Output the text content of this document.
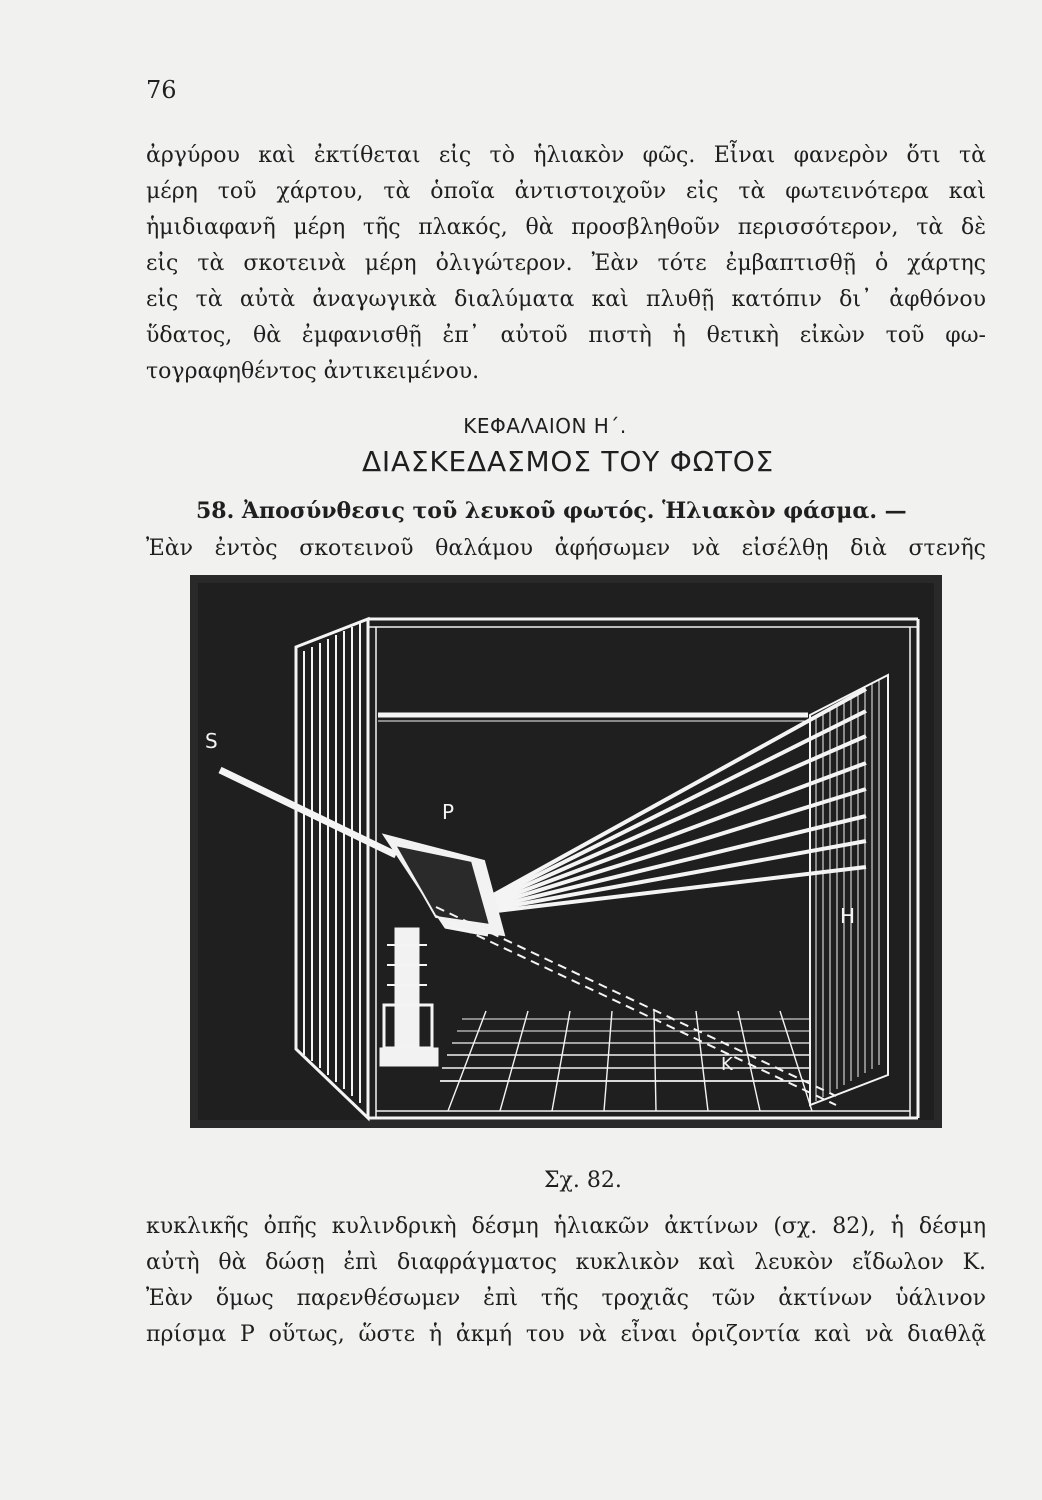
76
ἀργύρου καὶ ἐκτίθεται εἰς τὸ ἡλιακὸν φῶς. Εἶναι φανερὸν ὅτι τὰ
μέρη τοῦ χάρτου, τὰ ὁποῖα ἀντιστοιχοῦν εἰς τὰ φωτεινότερα καὶ
ἡμιδιαφανῆ μέρη τῆς πλακός, θὰ προσβληθοῦν περισσότερον, τὰ δὲ
εἰς τὰ σκοτεινὰ μέρη ὀλιγώτερον. Ἐὰν τότε ἐμβαπτισθῇ ὁ χάρτης
εἰς τὰ αὐτὰ ἀναγωγικὰ διαλύματα καὶ πλυθῇ κατόπιν δι᾽ ἀφθόνου
ὕδατος, θὰ ἐμφανισθῇ ἐπ᾽ αὐτοῦ πιστὴ ἡ θετικὴ εἰκὼν τοῦ φω-
τογραφηθέντος ἀντικειμένου.
ΚΕΦΑΛΑΙΟΝ Η΄.
ΔΙΑΣΚΕΔΑΣΜΟΣ ΤΟΥ ΦΩΤΟΣ
58. Ἀποσύνθεσις τοῦ λευκοῦ φωτός. Ἡλιακὸν φάσμα. —
Ἐὰν ἐντὸς σκοτεινοῦ θαλάμου ἀφήσωμεν νὰ εἰσέλθῃ διὰ στενῆς
S
P
H
K
Σχ. 82.
κυκλικῆς ὀπῆς κυλινδρικὴ δέσμη ἡλιακῶν ἀκτίνων (σχ. 82), ἡ δέσμη
αὐτὴ θὰ δώσῃ ἐπὶ διαφράγματος κυκλικὸν καὶ λευκὸν εἴδωλον Κ.
Ἐὰν ὅμως παρενθέσωμεν ἐπὶ τῆς τροχιᾶς τῶν ἀκτίνων ὑάλινον
πρίσμα Ρ οὕτως, ὥστε ἡ ἀκμή του νὰ εἶναι ὁριζοντία καὶ νὰ διαθλᾷ
